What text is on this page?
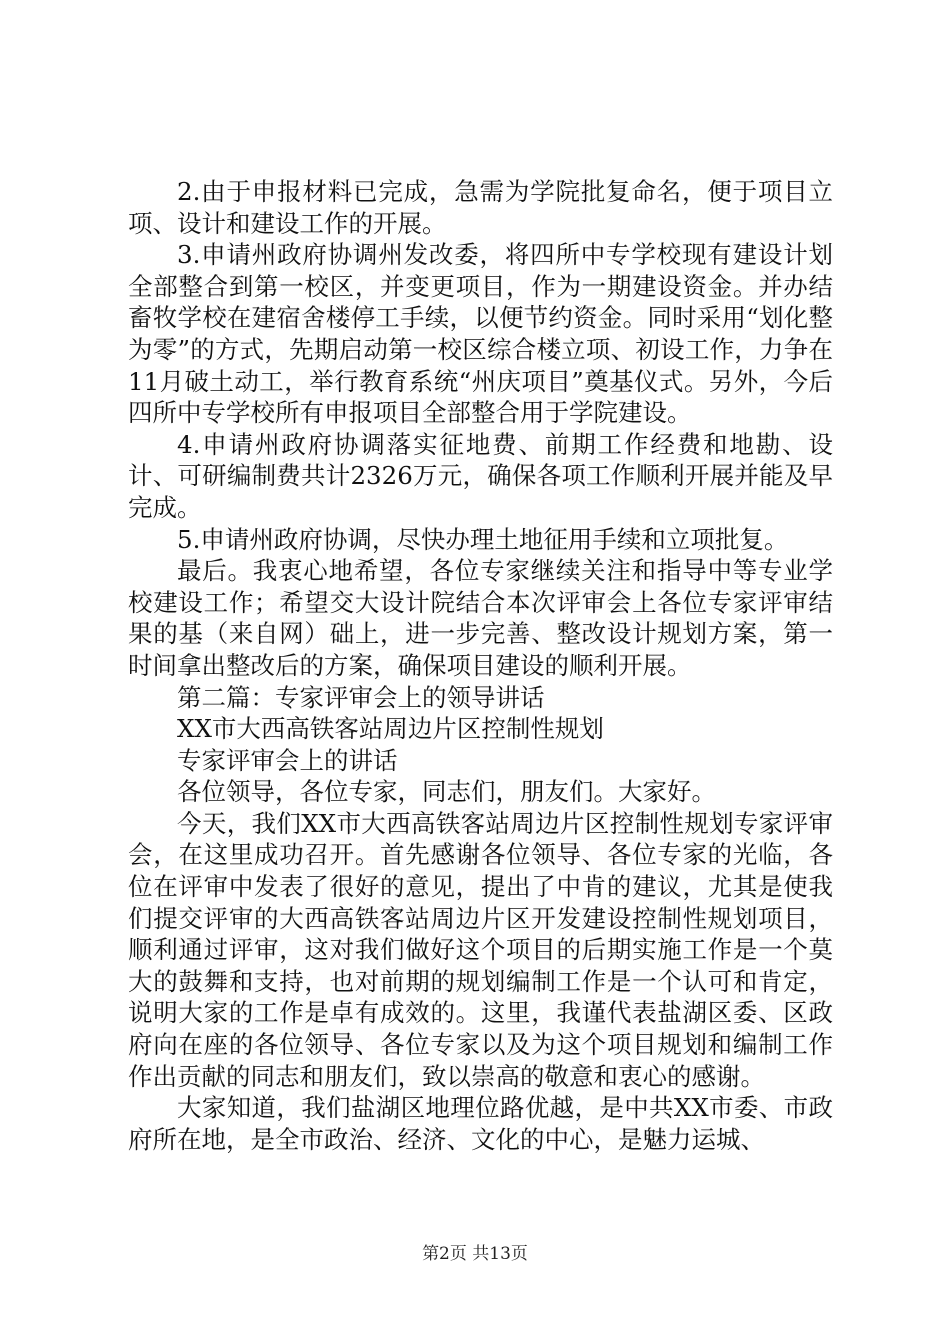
2.由于申报材料已完成，急需为学院批复命名，便于项目立项、设计和建设工作的开展。

3.申请州政府协调州发改委，将四所中专学校现有建设计划全部整合到第一校区，并变更项目，作为一期建设资金。并办结畜牧学校在建宿舍楼停工手续，以便节约资金。同时采用“划化整为零”的方式，先期启动第一校区综合楼立项、初设工作，力争在11月破土动工，举行教育系统“州庆项目”奠基仪式。另外，今后四所中专学校所有申报项目全部整合用于学院建设。

4.申请州政府协调落实征地费、前期工作经费和地勘、设计、可研编制费共计2326万元，确保各项工作顺利开展并能及早完成。

5.申请州政府协调，尽快办理土地征用手续和立项批复。

最后。我衷心地希望，各位专家继续关注和指导中等专业学校建设工作；希望交大设计院结合本次评审会上各位专家评审结果的基（来自网）础上，进一步完善、整改设计规划方案，第一时间拿出整改后的方案，确保项目建设的顺利开展。

第二篇：专家评审会上的领导讲话

XX市大西高铁客站周边片区控制性规划

专家评审会上的讲话

各位领导，各位专家，同志们，朋友们。大家好。

今天，我们XX市大西高铁客站周边片区控制性规划专家评审会，在这里成功召开。首先感谢各位领导、各位专家的光临，各位在评审中发表了很好的意见，提出了中肯的建议，尤其是使我们提交评审的大西高铁客站周边片区开发建设控制性规划项目，顺利通过评审，这对我们做好这个项目的后期实施工作是一个莫大的鼓舞和支持，也对前期的规划编制工作是一个认可和肯定，说明大家的工作是卓有成效的。这里，我谨代表盐湖区委、区政府向在座的各位领导、各位专家以及为这个项目规划和编制工作作出贡献的同志和朋友们，致以崇高的敬意和衷心的感谢。

大家知道，我们盐湖区地理位路优越，是中共XX市委、市政府所在地，是全市政治、经济、文化的中心，是魅力运城、

第2页 共13页
